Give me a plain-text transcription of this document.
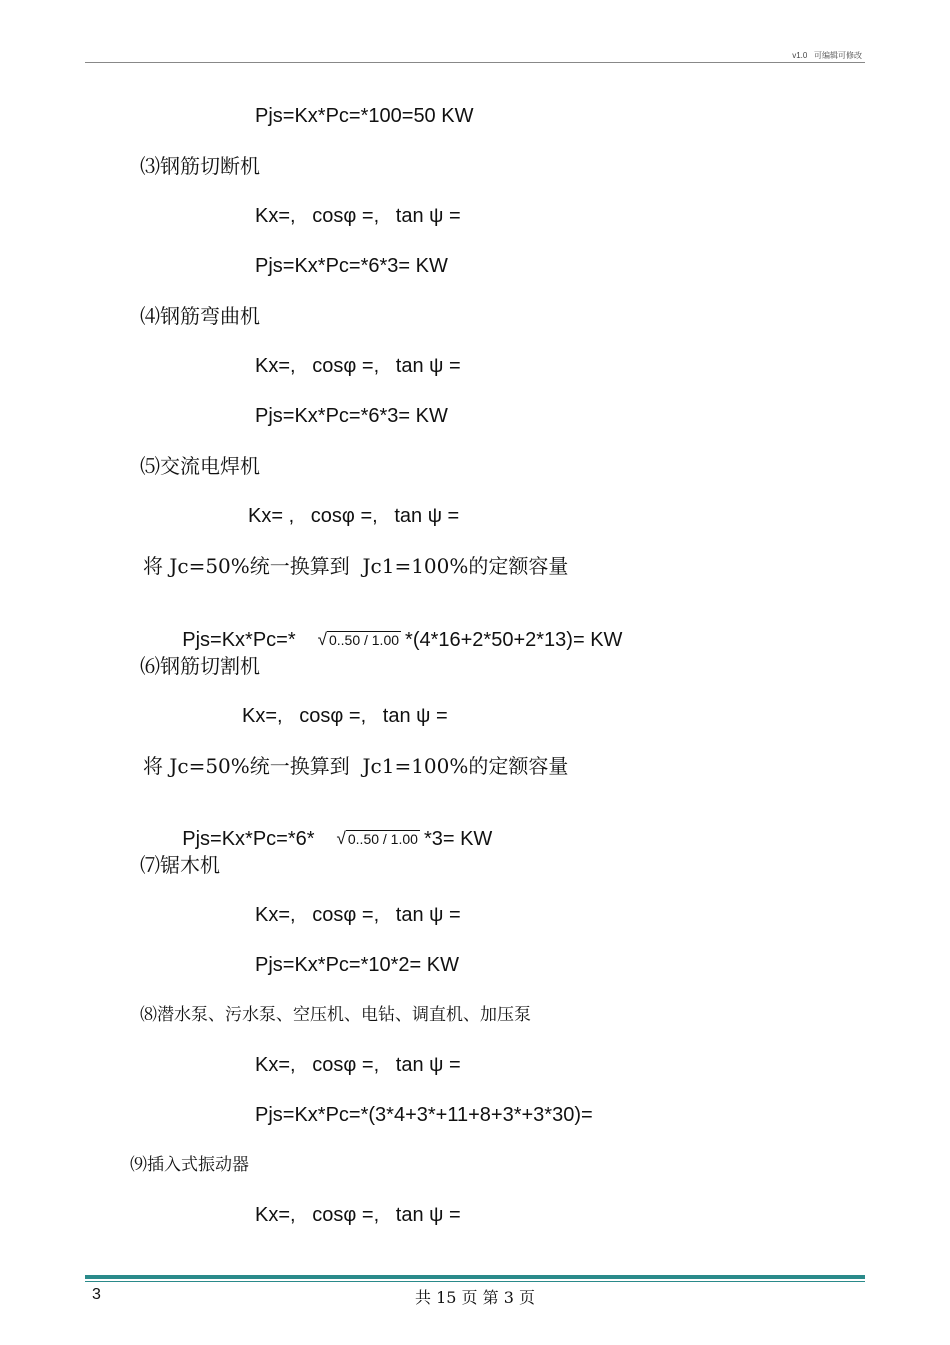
v1.0 可编辑可修改
Pjs=Kx*Pc=*100=50 KW
⑶钢筋切断机
Kx=,   cosφ =,   tan ψ =
Pjs=Kx*Pc=*6*3= KW
⑷钢筋弯曲机
Kx=,   cosφ =,   tan ψ =
Pjs=Kx*Pc=*6*3= KW
⑸交流电焊机
Kx= ,   cosφ =,   tan ψ =
将 Jc=50%统一换算到  Jc1=100%的定额容量

Pjs=Kx*Pc=* √ 0..50 / 1.00 *(4*16+2*50+2*13)= KW

⑹钢筋切割机
Kx=,   cosφ =,   tan ψ =
将 Jc=50%统一换算到  Jc1=100%的定额容量

Pjs=Kx*Pc=*6* √ 0..50 / 1.00 *3= KW

⑺锯木机
Kx=,   cosφ =,   tan ψ =
Pjs=Kx*Pc=*10*2= KW
⑻潜水泵、污水泵、空压机、电钻、调直机、加压泵
Kx=,   cosφ =,   tan ψ =
Pjs=Kx*Pc=*(3*4+3*+11+8+3*+3*30)=
⑼插入式振动器
Kx=,   cosφ =,   tan ψ =
3	共 15 页 第 3 页
